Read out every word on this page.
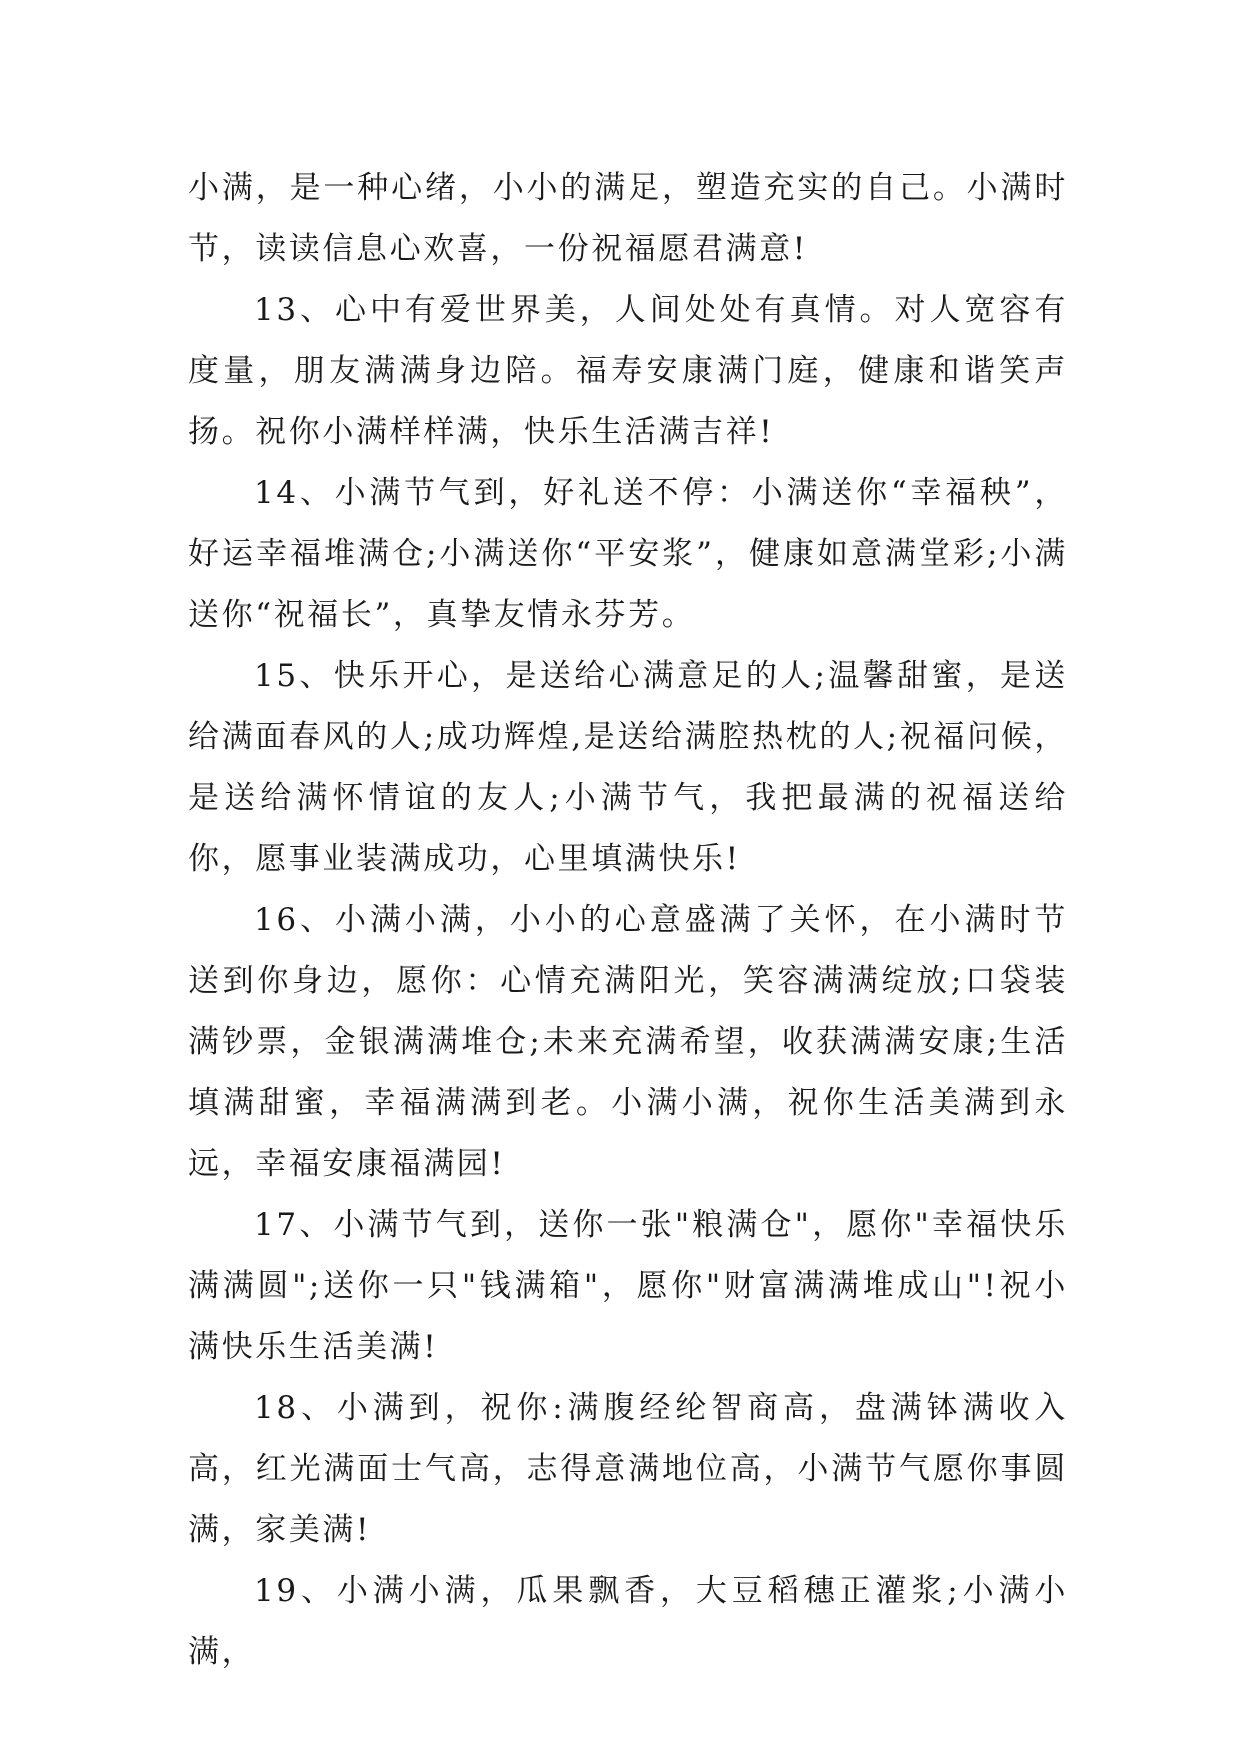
小满，是一种心绪，小小的满足，塑造充实的自己。小满时节，读读信息心欢喜，一份祝福愿君满意!

13、心中有爱世界美，人间处处有真情。对人宽容有度量，朋友满满身边陪。福寿安康满门庭，健康和谐笑声扬。祝你小满样样满，快乐生活满吉祥!

14、小满节气到，好礼送不停：小满送你“幸福秧”，好运幸福堆满仓;小满送你“平安浆”，健康如意满堂彩;小满送你“祝福长”，真挚友情永芬芳。

15、快乐开心，是送给心满意足的人;温馨甜蜜，是送给满面春风的人;成功辉煌,是送给满腔热枕的人;祝福问候，是送给满怀情谊的友人;小满节气，我把最满的祝福送给你，愿事业装满成功，心里填满快乐!

16、小满小满，小小的心意盛满了关怀，在小满时节送到你身边，愿你：心情充满阳光，笑容满满绽放;口袋装满钞票，金银满满堆仓;未来充满希望，收获满满安康;生活填满甜蜜，幸福满满到老。小满小满，祝你生活美满到永远，幸福安康福满园!

17、小满节气到，送你一张"粮满仓"，愿你"幸福快乐满满圆";送你一只"钱满箱"，愿你"财富满满堆成山"!祝小满快乐生活美满!

18、小满到，祝你:满腹经纶智商高，盘满钵满收入高，红光满面士气高，志得意满地位高，小满节气愿你事圆满，家美满!

19、小满小满，瓜果飘香，大豆稻穗正灌浆;小满小满，
